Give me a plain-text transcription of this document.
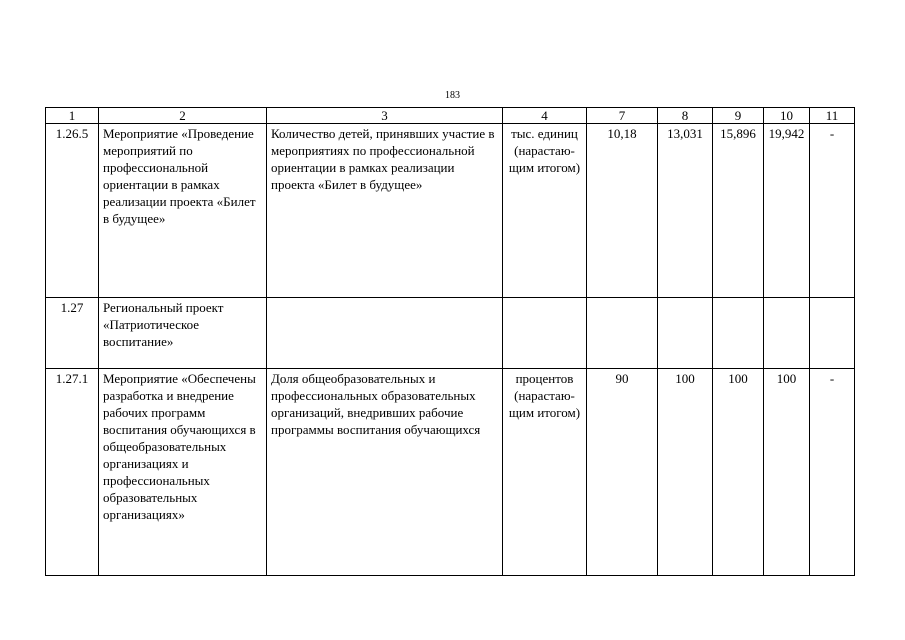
183
1	2	3	4	7	8	9	10	11
1.26.5	Мероприятие «Проведение мероприятий по профессиональной ориентации в рамках реализации проекта «Билет в будущее»	Количество детей, принявших участие в мероприятиях по профессиональной ориентации в рамках реализации проекта «Билет в будущее»	тыс. единиц (нарастаю-щим итогом)	10,18	13,031	15,896	19,942	-
1.27	Региональный проект «Патриотическое воспитание»							
1.27.1	Мероприятие «Обеспечены разработка и внедрение рабочих программ воспитания обучающихся в общеобразовательных организациях и профессиональных образовательных организациях»	Доля общеобразовательных и профессиональных образовательных организаций, внедривших рабочие программы воспитания обучающихся	процентов (нарастаю-щим итогом)	90	100	100	100	-
